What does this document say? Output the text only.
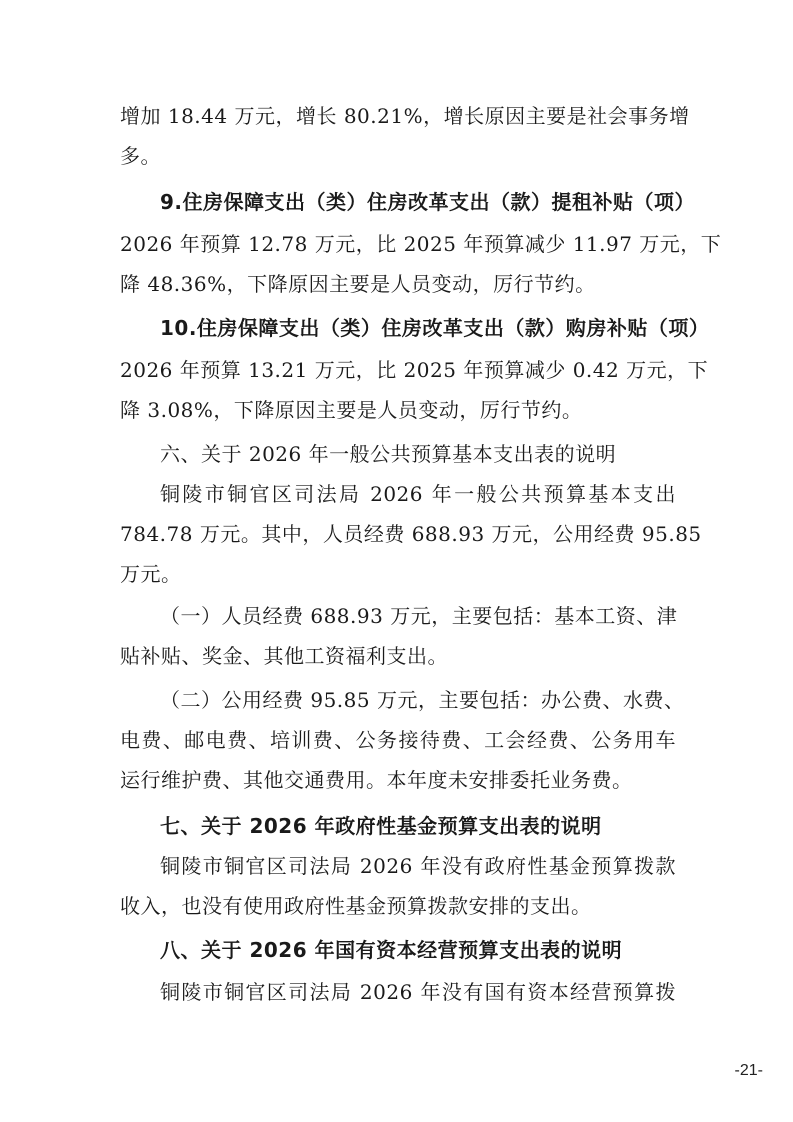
增加 18.44 万元，增长 80.21%，增长原因主要是社会事务增
多。
9.住房保障支出（类）住房改革支出（款）提租补贴（项）
2026 年预算 12.78 万元，比 2025 年预算减少 11.97 万元，下
降 48.36%，下降原因主要是人员变动，厉行节约。
10.住房保障支出（类）住房改革支出（款）购房补贴（项）
2026 年预算 13.21 万元，比 2025 年预算减少 0.42 万元，下
降 3.08%，下降原因主要是人员变动，厉行节约。
六、关于 2026 年一般公共预算基本支出表的说明
铜陵市铜官区司法局 2026 年一般公共预算基本支出
784.78 万元。其中，人员经费 688.93 万元，公用经费 95.85
万元。
（一）人员经费 688.93 万元，主要包括：基本工资、津
贴补贴、奖金、其他工资福利支出。
（二）公用经费 95.85 万元，主要包括：办公费、水费、
电费、邮电费、培训费、公务接待费、工会经费、公务用车
运行维护费、其他交通费用。本年度未安排委托业务费。
七、关于 2026 年政府性基金预算支出表的说明
铜陵市铜官区司法局 2026 年没有政府性基金预算拨款
收入，也没有使用政府性基金预算拨款安排的支出。
八、关于 2026 年国有资本经营预算支出表的说明
铜陵市铜官区司法局 2026 年没有国有资本经营预算拨
-21-
